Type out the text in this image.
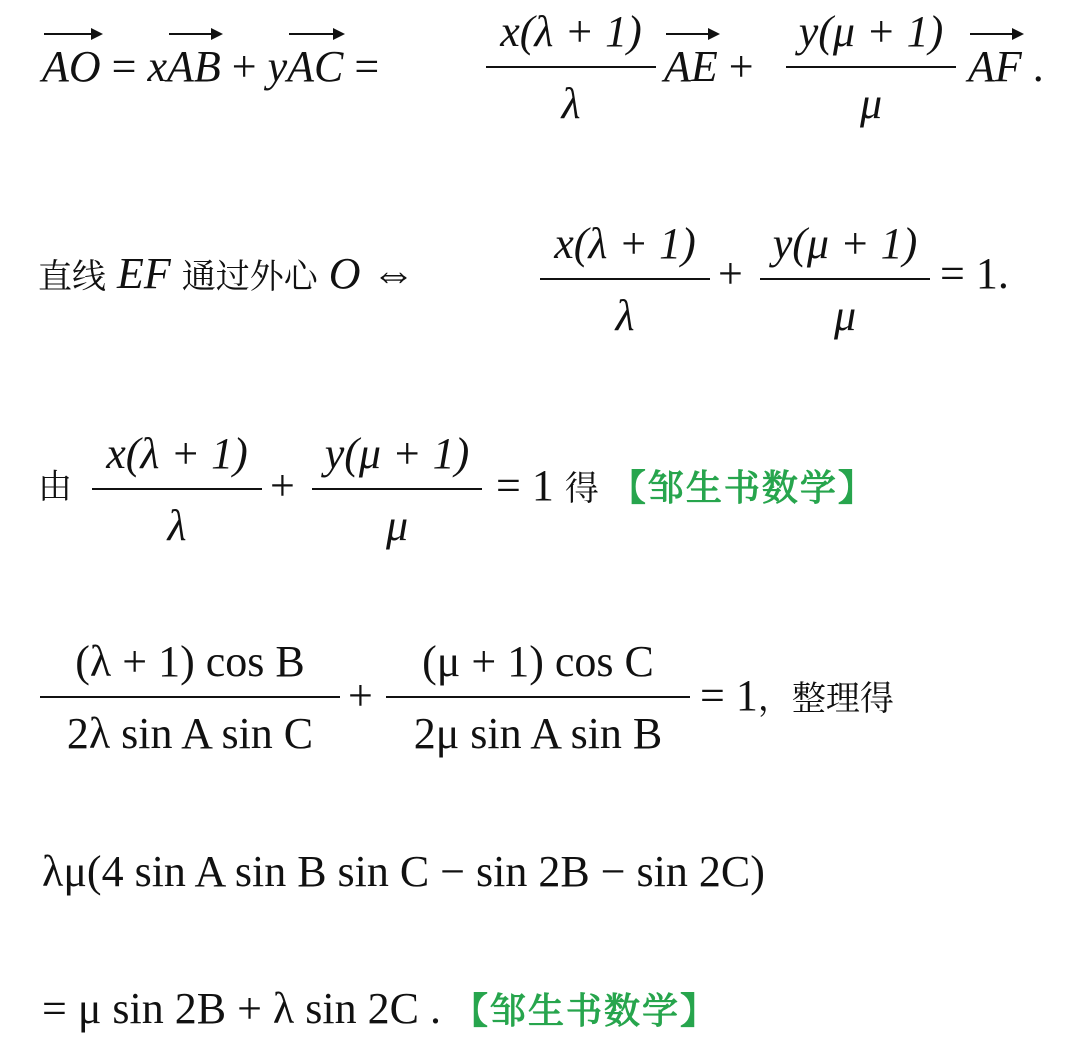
AO = x
AB + y
AC =
x(λ + 1)
λ
AE +
y(μ + 1)
μ
AF .
直线 EF 通过外心 O ⇔
x(λ + 1)
λ
+
y(μ + 1)
μ
= 1.
由
x(λ + 1)
λ
+
y(μ + 1)
μ
= 1 得 【邹生书数学】
(λ + 1) cos B
2λ sin A sin C
+
(μ + 1) cos C
2μ sin A sin B
= 1，整理得
λμ(4 sin A sin B sin C − sin 2B − sin 2C)
= μ sin 2B + λ sin 2C . 【邹生书数学】
